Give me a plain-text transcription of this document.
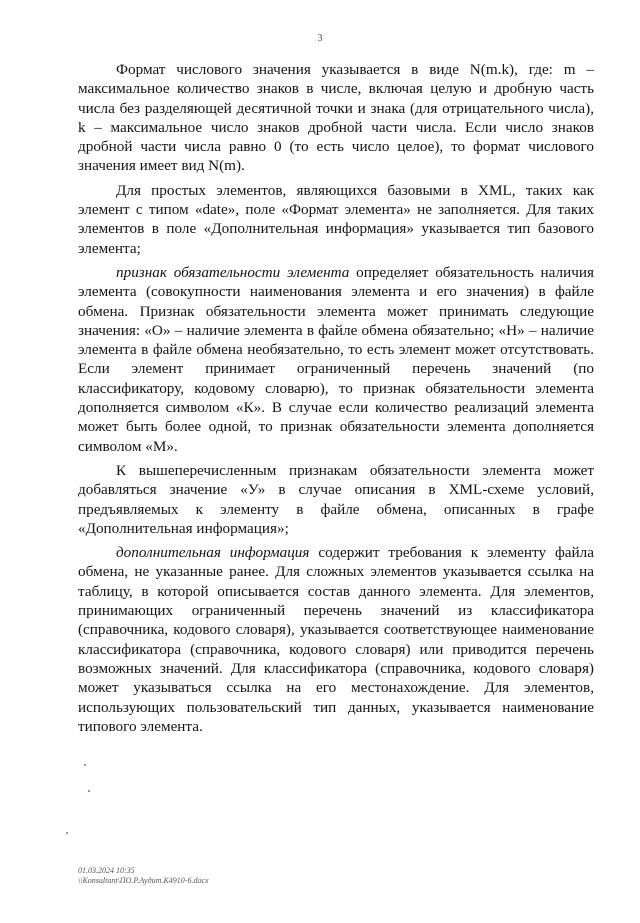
3

Формат числового значения указывается в виде N(m.k), где: m – максимальное количество знаков в числе, включая целую и дробную часть числа без разделяющей десятичной точки и знака (для отрицательного числа), k – максимальное число знаков дробной части числа. Если число знаков дробной части числа равно 0 (то есть число целое), то формат числового значения имеет вид N(m).

Для простых элементов, являющихся базовыми в XML, таких как элемент с типом «date», поле «Формат элемента» не заполняется. Для таких элементов в поле «Дополнительная информация» указывается тип базового элемента;

признак обязательности элемента определяет обязательность наличия элемента (совокупности наименования элемента и его значения) в файле обмена. Признак обязательности элемента может принимать следующие значения: «О» – наличие элемента в файле обмена обязательно; «Н» – наличие элемента в файле обмена необязательно, то есть элемент может отсутствовать. Если элемент принимает ограниченный перечень значений (по классификатору, кодовому словарю), то признак обязательности элемента дополняется символом «К». В случае если количество реализаций элемента может быть более одной, то признак обязательности элемента дополняется символом «М».

К вышеперечисленным признакам обязательности элемента может добавляться значение «У» в случае описания в XML-схеме условий, предъявляемых к элементу в файле обмена, описанных в графе «Дополнительная информация»;

дополнительная информация содержит требования к элементу файла обмена, не указанные ранее. Для сложных элементов указывается ссылка на таблицу, в которой описывается состав данного элемента. Для элементов, принимающих ограниченный перечень значений из классификатора (справочника, кодового словаря), указывается соответствующее наименование классификатора (справочника, кодового словаря) или приводится перечень возможных значений. Для классификатора (справочника, кодового словаря) может указываться ссылка на его местонахождение. Для элементов, использующих пользовательский тип данных, указывается наименование типового элемента.

01.03.2024 10:35
\\Konsultant\ПО.Р.Аудит.К4910-6.docx
